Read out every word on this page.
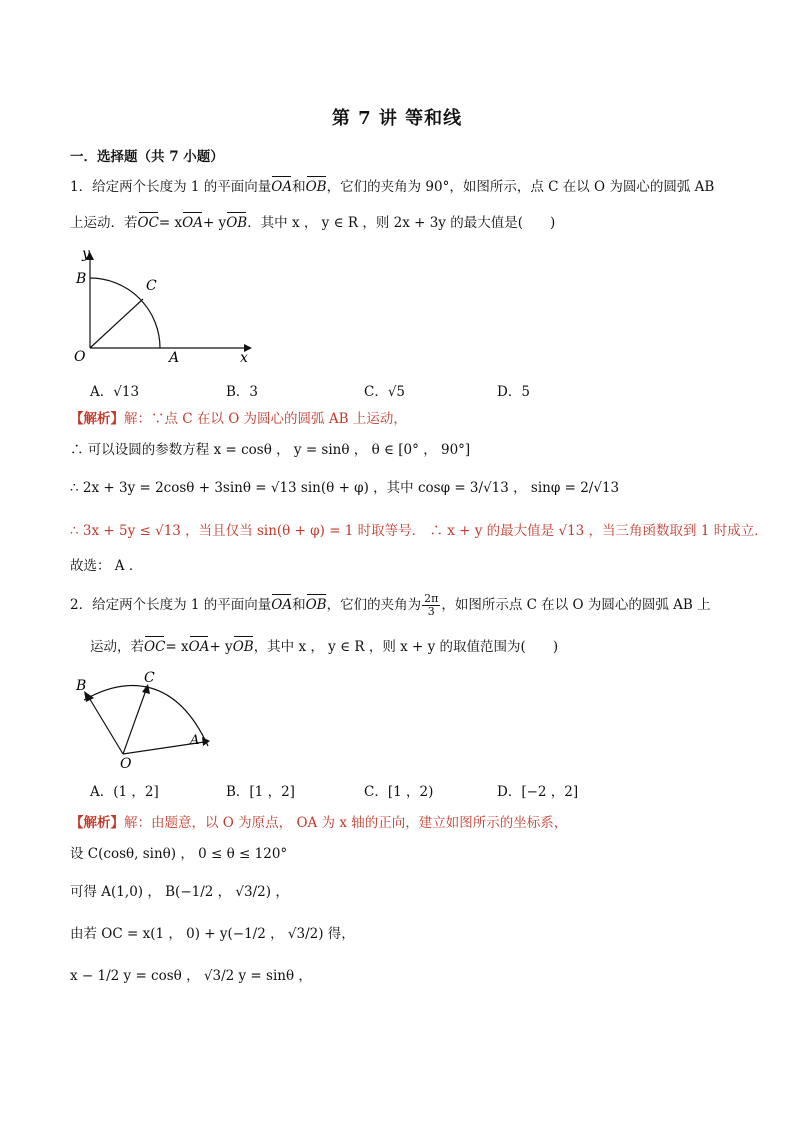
第 7 讲 等和线
一．选择题（共 7 小题）
1．给定两个长度为 1 的平面向量OA和OB，它们的夹角为 90°，如图所示，点 C 在以 O 为圆心的圆弧 AB
上运动．若OC= xOA+ yOB．其中 x ， y ∈ R ，则 2x + 3y 的最大值是(　　)
y
x
B	C
O	A
A．√13	B．3	C．√5	D．5
【解析】解：∵点 C 在以 O 为圆心的圆弧 AB 上运动，
∴ 可以设圆的参数方程 x = cosθ ， y = sinθ ， θ ∈ [0° ， 90°]
∴ 2x + 3y = 2cosθ + 3sinθ = √13 sin(θ + φ) ，其中 cosφ = 3/√13 ， sinφ = 2/√13
∴ 3x + 5y ≤ √13 ，当且仅当 sin(θ + φ) = 1 时取等号． ∴ x + y 的最大值是 √13 ，当三角函数取到 1 时成立．
故选： A ．
2．给定两个长度为 1 的平面向量OA和OB，它们的夹角为 $\frac{2\pi}{3}$ ，如图所示点 C 在以 O 为圆心的圆弧 AB 上
运动，若OC= xOA+ yOB，其中 x ， y ∈ R ，则 x + y 的取值范围为(　　)
B	C
O
A
A．(1 ，2]	B．[1 ，2]	C．[1 ，2)	D．[−2 ，2]
【解析】解：由题意，以 O 为原点， OA 为 x 轴的正向，建立如图所示的坐标系，
设 C(cosθ, sinθ) ， 0 ≤ θ ≤ 120°
可得 A(1,0) ， B(−1/2 ， √3/2) ，
由若 OC = x(1 ， 0) + y(−1/2 ， √3/2) 得，
x − 1/2 y = cosθ ， √3/2 y = sinθ ，
